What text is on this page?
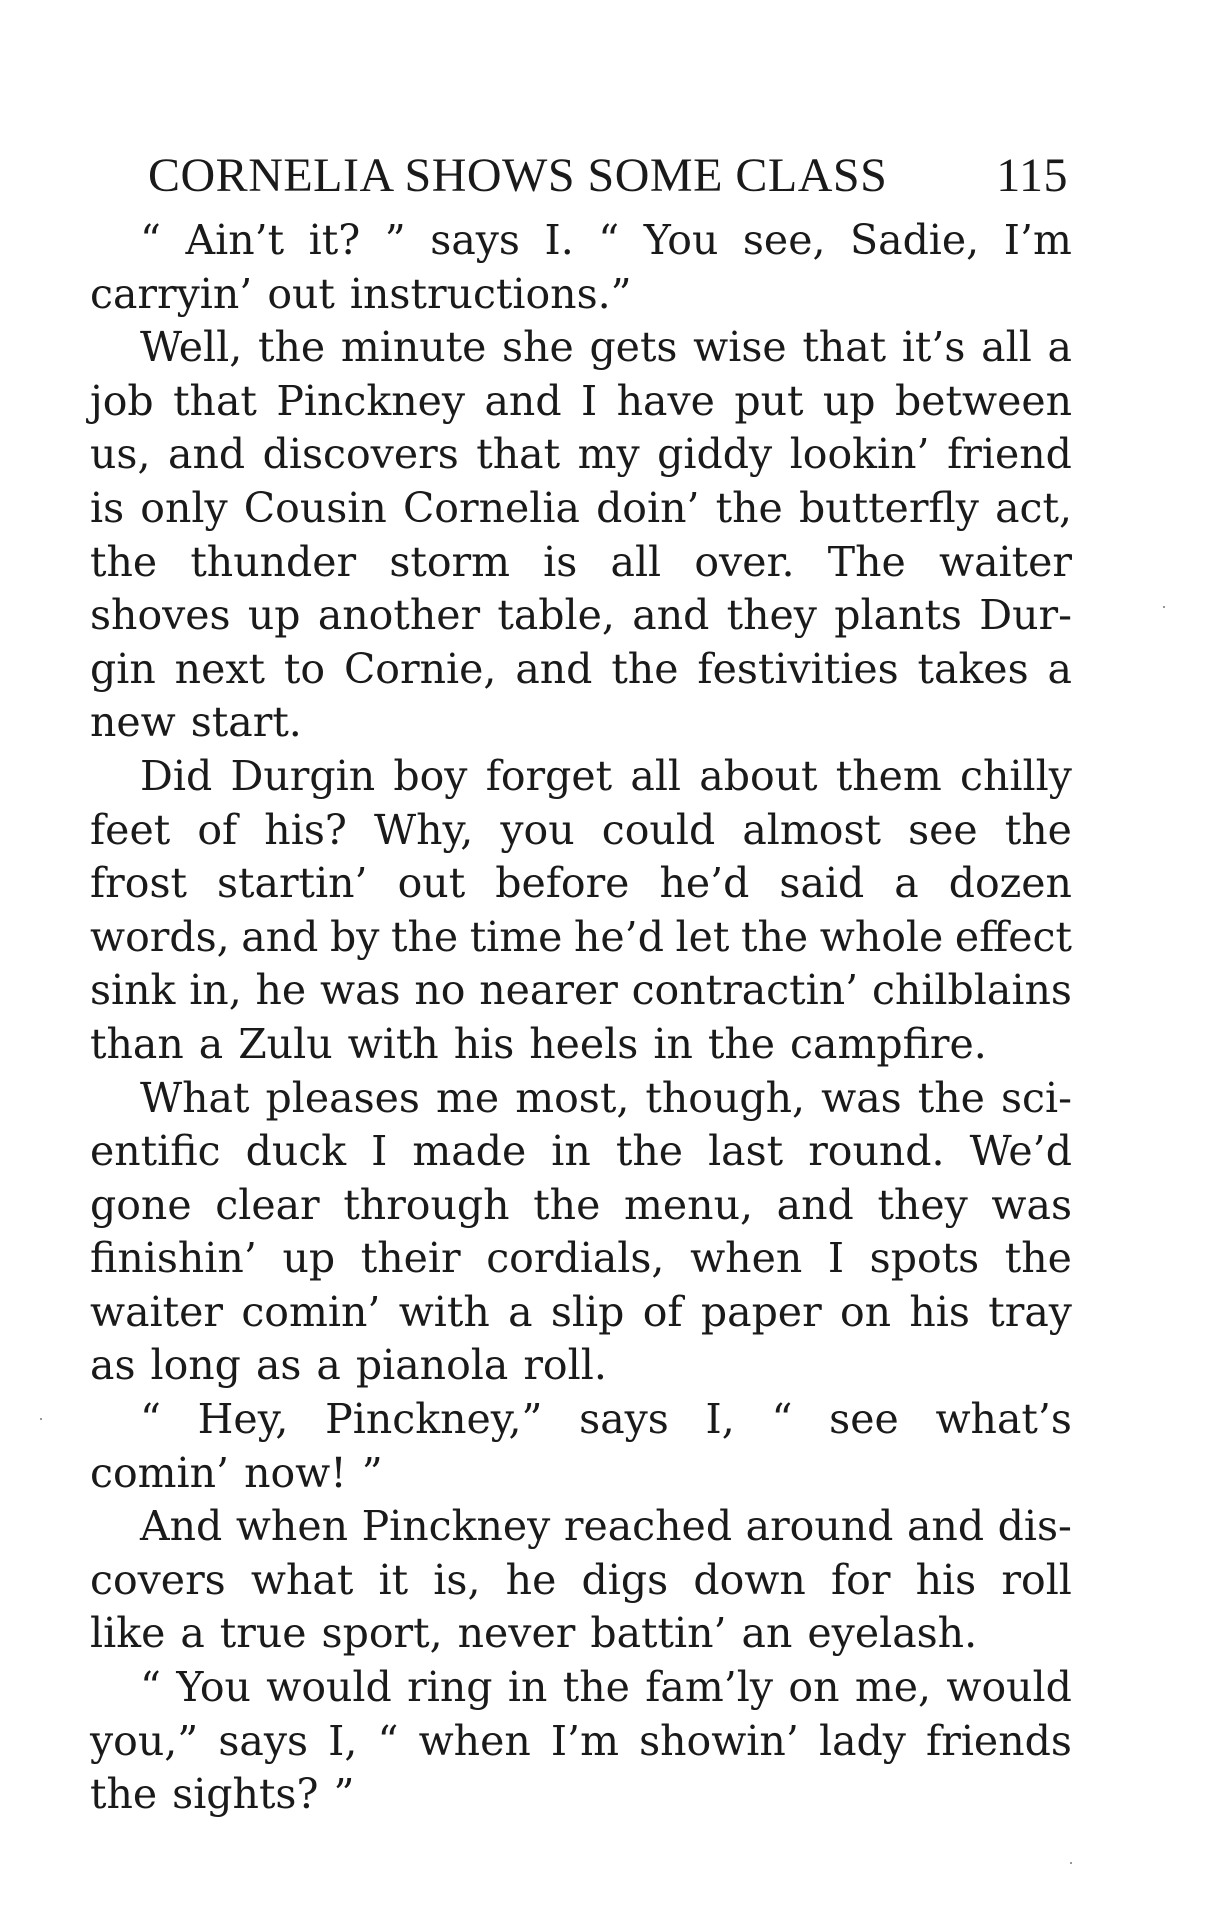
CORNELIA SHOWS SOME CLASS 115
“ Ain’t it? ” says I. “ You see, Sadie, I’m
carryin’ out instructions.”
Well, the minute she gets wise that it’s all a
job that Pinckney and I have put up between
us, and discovers that my giddy lookin’ friend
is only Cousin Cornelia doin’ the butterfly act,
the thunder storm is all over. The waiter
shoves up another table, and they plants Dur-
gin next to Cornie, and the festivities takes a
new start.
Did Durgin boy forget all about them chilly
feet of his? Why, you could almost see the
frost startin’ out before he’d said a dozen
words, and by the time he’d let the whole effect
sink in, he was no nearer contractin’ chilblains
than a Zulu with his heels in the campfire.
What pleases me most, though, was the sci-
entific duck I made in the last round. We’d
gone clear through the menu, and they was
finishin’ up their cordials, when I spots the
waiter comin’ with a slip of paper on his tray
as long as a pianola roll.
“ Hey, Pinckney,” says I, “ see what’s
comin’ now! ”
And when Pinckney reached around and dis-
covers what it is, he digs down for his roll
like a true sport, never battin’ an eyelash.
“ You would ring in the fam’ly on me, would
you,” says I, “ when I’m showin’ lady friends
the sights? ”
